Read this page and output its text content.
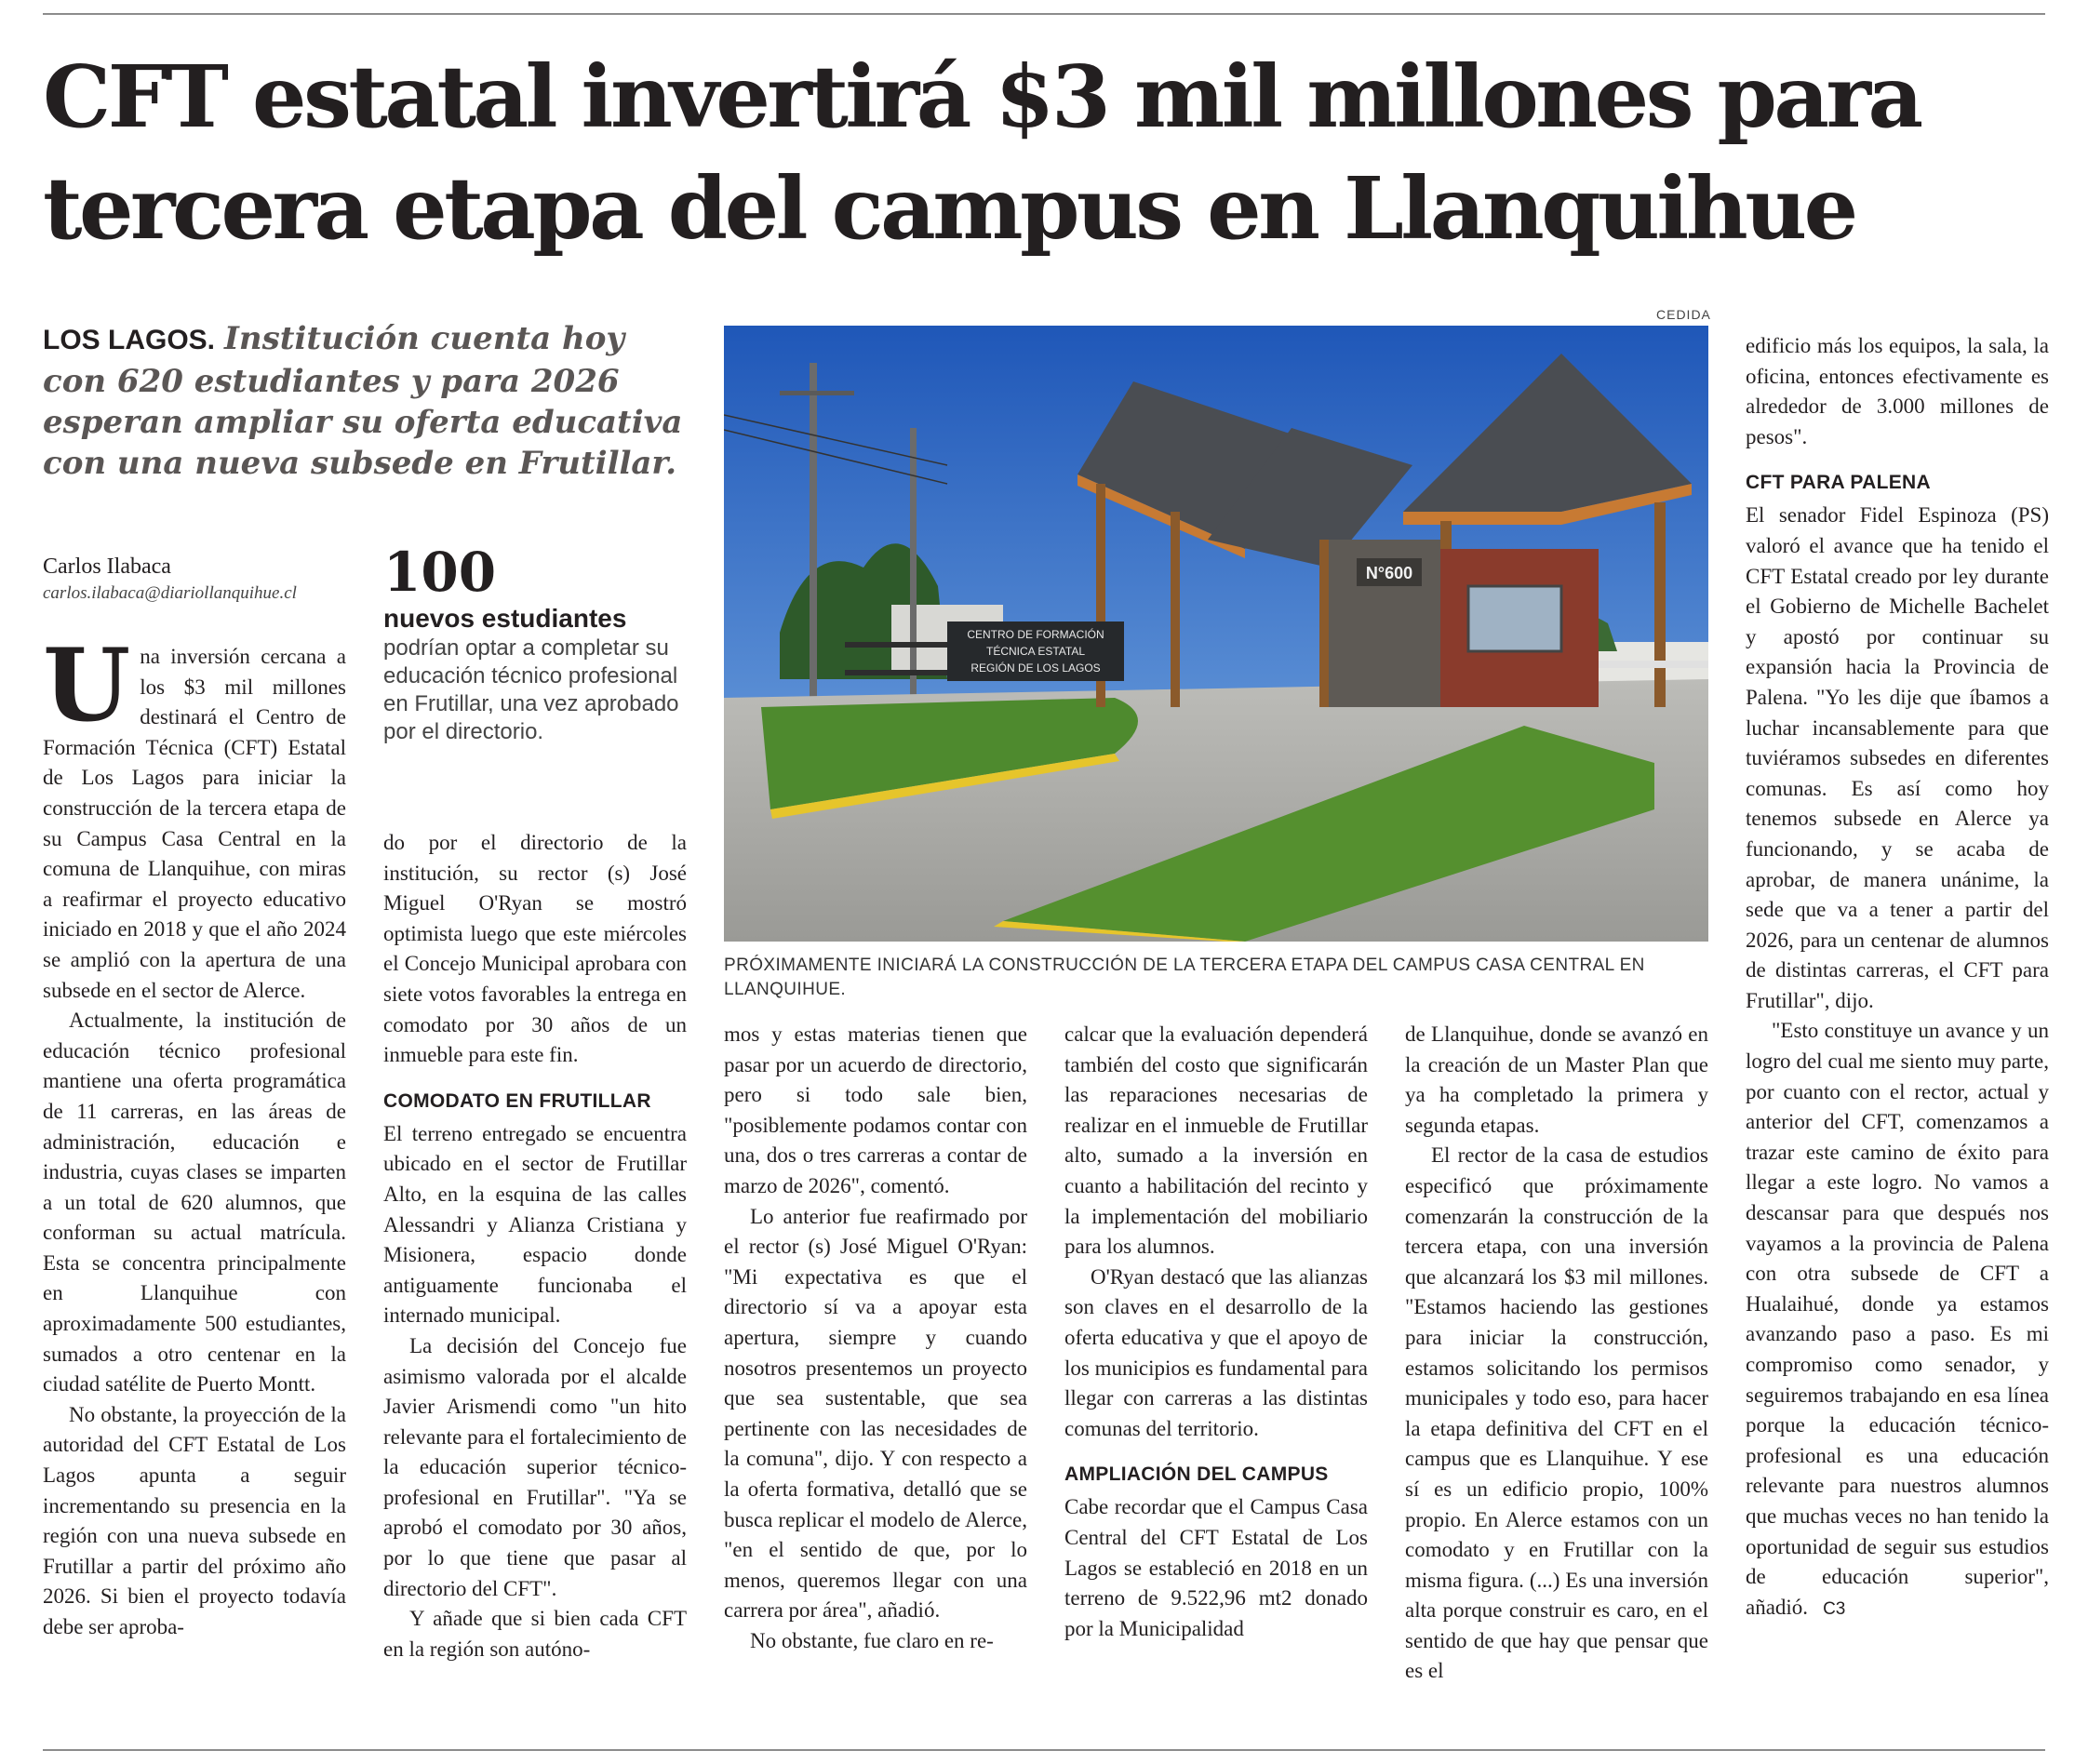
CFT estatal invertirá $3 mil millones para tercera etapa del campus en Llanquihue
LOS LAGOS. Institución cuenta hoy con 620 estudiantes y para 2026 esperan ampliar su oferta educativa con una nueva subsede en Frutillar.
Carlos Ilabaca
carlos.ilabaca@diariollanquihue.cl	100
nuevos estudiantes
podrían optar a completar su educación técnico profesional en Frutillar, una vez aprobado por el directorio.
CEDIDA
N°600
CENTRO DE FORMACIÓN
TÉCNICA ESTATAL
REGIÓN DE LOS LAGOS
PRÓXIMAMENTE INICIARÁ LA CONSTRUCCIÓN DE LA TERCERA ETAPA DEL CAMPUS CASA CENTRAL EN LLANQUIHUE.

Una inversión cercana a los $3 mil millones destinará el Centro de Formación Técnica (CFT) Estatal de Los Lagos para iniciar la construcción de la tercera etapa de su Campus Casa Central en la comuna de Llanquihue, con miras a reafirmar el proyecto educativo iniciado en 2018 y que el año 2024 se amplió con la apertura de una subsede en el sector de Alerce.

Actualmente, la institución de educación técnico profesional mantiene una oferta programática de 11 carreras, en las áreas de administración, educación e industria, cuyas clases se imparten a un total de 620 alumnos, que conforman su actual matrícula. Esta se concentra principalmente en Llanquihue con aproximadamente 500 estudiantes, sumados a otro centenar en la ciudad satélite de Puerto Montt.

No obstante, la proyección de la autoridad del CFT Estatal de Los Lagos apunta a seguir incrementando su presencia en la región con una nueva subsede en Frutillar a partir del próximo año 2026. Si bien el proyecto todavía debe ser aproba-

do por el directorio de la institución, su rector (s) José Miguel O'Ryan se mostró optimista luego que este miércoles el Concejo Municipal aprobara con siete votos favorables la entrega en comodato por 30 años de un inmueble para este fin.

COMODATO EN FRUTILLAR

El terreno entregado se encuentra ubicado en el sector de Frutillar Alto, en la esquina de las calles Alessandri y Alianza Cristiana y Misionera, espacio donde antiguamente funcionaba el internado municipal.

La decisión del Concejo fue asimismo valorada por el alcalde Javier Arismendi como "un hito relevante para el fortalecimiento de la educación superior técnico-profesional en Frutillar". "Ya se aprobó el comodato por 30 años, por lo que tiene que pasar al directorio del CFT".

Y añade que si bien cada CFT en la región son autóno-

mos y estas materias tienen que pasar por un acuerdo de directorio, pero si todo sale bien, "posiblemente podamos contar con una, dos o tres carreras a contar de marzo de 2026", comentó.

Lo anterior fue reafirmado por el rector (s) José Miguel O'Ryan: "Mi expectativa es que el directorio sí va a apoyar esta apertura, siempre y cuando nosotros presentemos un proyecto que sea sustentable, que sea pertinente con las necesidades de la comuna", dijo. Y con respecto a la oferta formativa, detalló que se busca replicar el modelo de Alerce, "en el sentido de que, por lo menos, queremos llegar con una carrera por área", añadió.

No obstante, fue claro en re-

calcar que la evaluación dependerá también del costo que significarán las reparaciones necesarias de realizar en el inmueble de Frutillar alto, sumado a la inversión en cuanto a habilitación del recinto y la implementación del mobiliario para los alumnos.

O'Ryan destacó que las alianzas son claves en el desarrollo de la oferta educativa y que el apoyo de los municipios es fundamental para llegar con carreras a las distintas comunas del territorio.

AMPLIACIÓN DEL CAMPUS

Cabe recordar que el Campus Casa Central del CFT Estatal de Los Lagos se estableció en 2018 en un terreno de 9.522,96 mt2 donado por la Municipalidad

de Llanquihue, donde se avanzó en la creación de un Master Plan que ya ha completado la primera y segunda etapas.

El rector de la casa de estudios especificó que próximamente comenzarán la construcción de la tercera etapa, con una inversión que alcanzará los $3 mil millones. "Estamos haciendo las gestiones para iniciar la construcción, estamos solicitando los permisos municipales y todo eso, para hacer la etapa definitiva del CFT en el campus que es Llanquihue. Y ese sí es un edificio propio, 100% propio. En Alerce estamos con un comodato y en Frutillar con la misma figura. (...) Es una inversión alta porque construir es caro, en el sentido de que hay que pensar que es el

edificio más los equipos, la sala, la oficina, entonces efectivamente es alrededor de 3.000 millones de pesos".

CFT PARA PALENA

El senador Fidel Espinoza (PS) valoró el avance que ha tenido el CFT Estatal creado por ley durante el Gobierno de Michelle Bachelet y apostó por continuar su expansión hacia la Provincia de Palena. "Yo les dije que íbamos a luchar incansablemente para que tuviéramos subsedes en diferentes comunas. Es así como hoy tenemos subsede en Alerce ya funcionando, y se acaba de aprobar, de manera unánime, la sede que va a tener a partir del 2026, para un centenar de alumnos de distintas carreras, el CFT para Frutillar", dijo.

"Esto constituye un avance y un logro del cual me siento muy parte, por cuanto con el rector, actual y anterior del CFT, comenzamos a trazar este camino de éxito para llegar a este logro. No vamos a descansar para que después nos vayamos a la provincia de Palena con otra subsede de CFT a Hualaihué, donde ya estamos avanzando paso a paso. Es mi compromiso como senador, y seguiremos trabajando en esa línea porque la educación técnico-profesional es una educación relevante para nuestros alumnos que muchas veces no han tenido la oportunidad de seguir sus estudios de educación superior", añadió. C3
